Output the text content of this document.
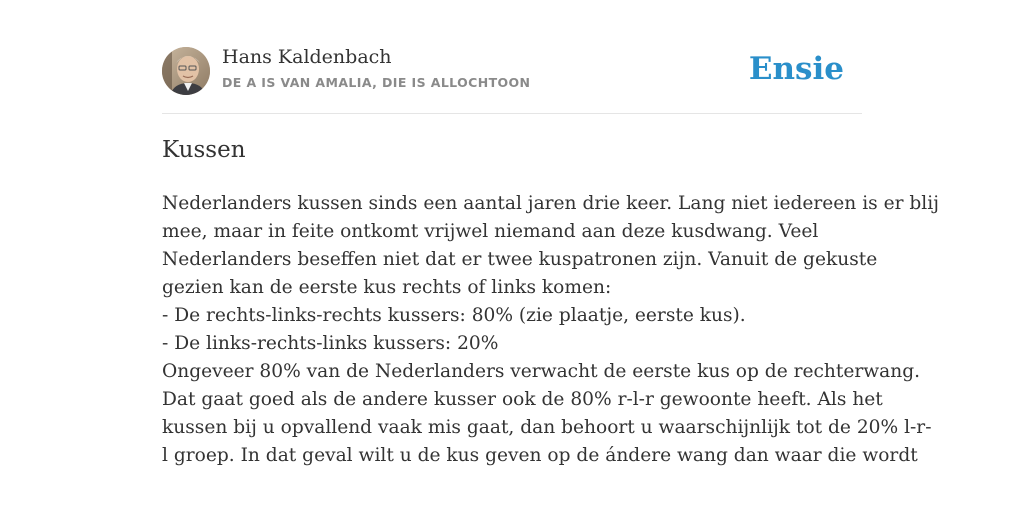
Hans Kaldenbach
DE A IS VAN AMALIA, DIE IS ALLOCHTOON	Ensie
Kussen

Nederlanders kussen sinds een aantal jaren drie keer. Lang niet iedereen is er blij
mee, maar in feite ontkomt vrijwel niemand aan deze kusdwang. Veel
Nederlanders beseffen niet dat er twee kuspatronen zijn. Vanuit de gekuste
gezien kan de eerste kus rechts of links komen:

- De rechts-links-rechts kussers: 80% (zie plaatje, eerste kus).
- De links-rechts-links kussers: 20%

Ongeveer 80% van de Nederlanders verwacht de eerste kus op de rechterwang.
Dat gaat goed als de andere kusser ook de 80% r-l-r gewoonte heeft. Als het
kussen bij u opvallend vaak mis gaat, dan behoort u waarschijnlijk tot de 20% l-r-
l groep. In dat geval wilt u de kus geven op de ándere wang dan waar die wordt
